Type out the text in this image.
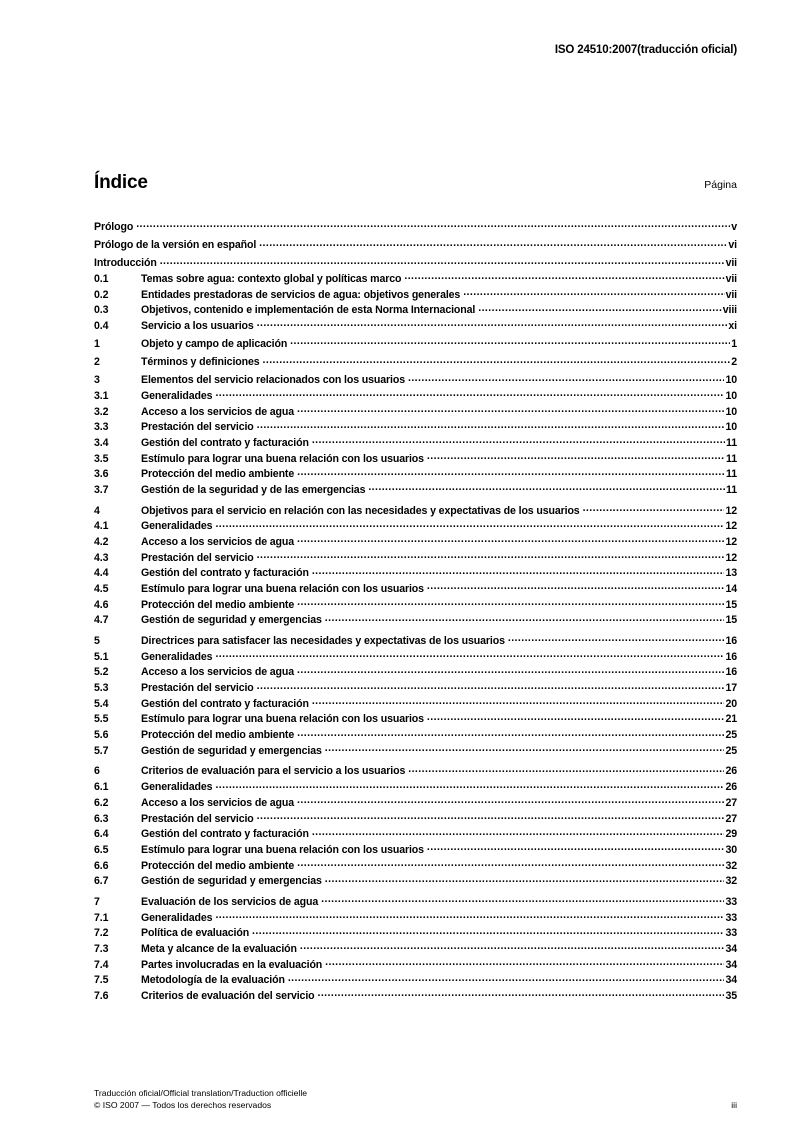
ISO 24510:2007(traducción oficial)
Índice	Página
Prólogo .....	v
Prólogo de la versión en español .....	vi
Introducción .....	vii
0.1	Temas sobre agua: contexto global y políticas marco .....	vii
0.2	Entidades prestadoras de servicios de agua: objetivos generales .....	vii
0.3	Objetivos, contenido e implementación de esta Norma Internacional .....	viii
0.4	Servicio a los usuarios .....	xi
1	Objeto y campo de aplicación .....	1
2	Términos y definiciones .....	2
3	Elementos del servicio relacionados con los usuarios .....	10
3.1	Generalidades .....	10
3.2	Acceso a los servicios de agua .....	10
3.3	Prestación del servicio .....	10
3.4	Gestión del contrato y facturación .....	11
3.5	Estímulo para lograr una buena relación con los usuarios .....	11
3.6	Protección del medio ambiente .....	11
3.7	Gestión de la seguridad y de las emergencias .....	11
4	Objetivos para el servicio en relación con las necesidades y expectativas de los usuarios .....	12
4.1	Generalidades .....	12
4.2	Acceso a los servicios de agua .....	12
4.3	Prestación del servicio .....	12
4.4	Gestión del contrato y facturación .....	13
4.5	Estímulo para lograr una buena relación con los usuarios .....	14
4.6	Protección del medio ambiente .....	15
4.7	Gestión de seguridad y emergencias .....	15
5	Directrices para satisfacer las necesidades y expectativas de los usuarios .....	16
5.1	Generalidades .....	16
5.2	Acceso a los servicios de agua .....	16
5.3	Prestación del servicio .....	17
5.4	Gestión del contrato y facturación .....	20
5.5	Estímulo para lograr una buena relación con los usuarios .....	21
5.6	Protección del medio ambiente .....	25
5.7	Gestión de seguridad y emergencias .....	25
6	Criterios de evaluación para el servicio a los usuarios .....	26
6.1	Generalidades .....	26
6.2	Acceso a los servicios de agua .....	27
6.3	Prestación del servicio .....	27
6.4	Gestión del contrato y facturación .....	29
6.5	Estímulo para lograr una buena relación con los usuarios .....	30
6.6	Protección del medio ambiente .....	32
6.7	Gestión de seguridad y emergencias .....	32
7	Evaluación de los servicios de agua .....	33
7.1	Generalidades .....	33
7.2	Política de evaluación .....	33
7.3	Meta y alcance de la evaluación .....	34
7.4	Partes involucradas en la evaluación .....	34
7.5	Metodología de la evaluación .....	34
7.6	Criterios de evaluación del servicio .....	35
Traducción oficial/Official translation/Traduction officielle
© ISO 2007 — Todos los derechos reservados	iii
